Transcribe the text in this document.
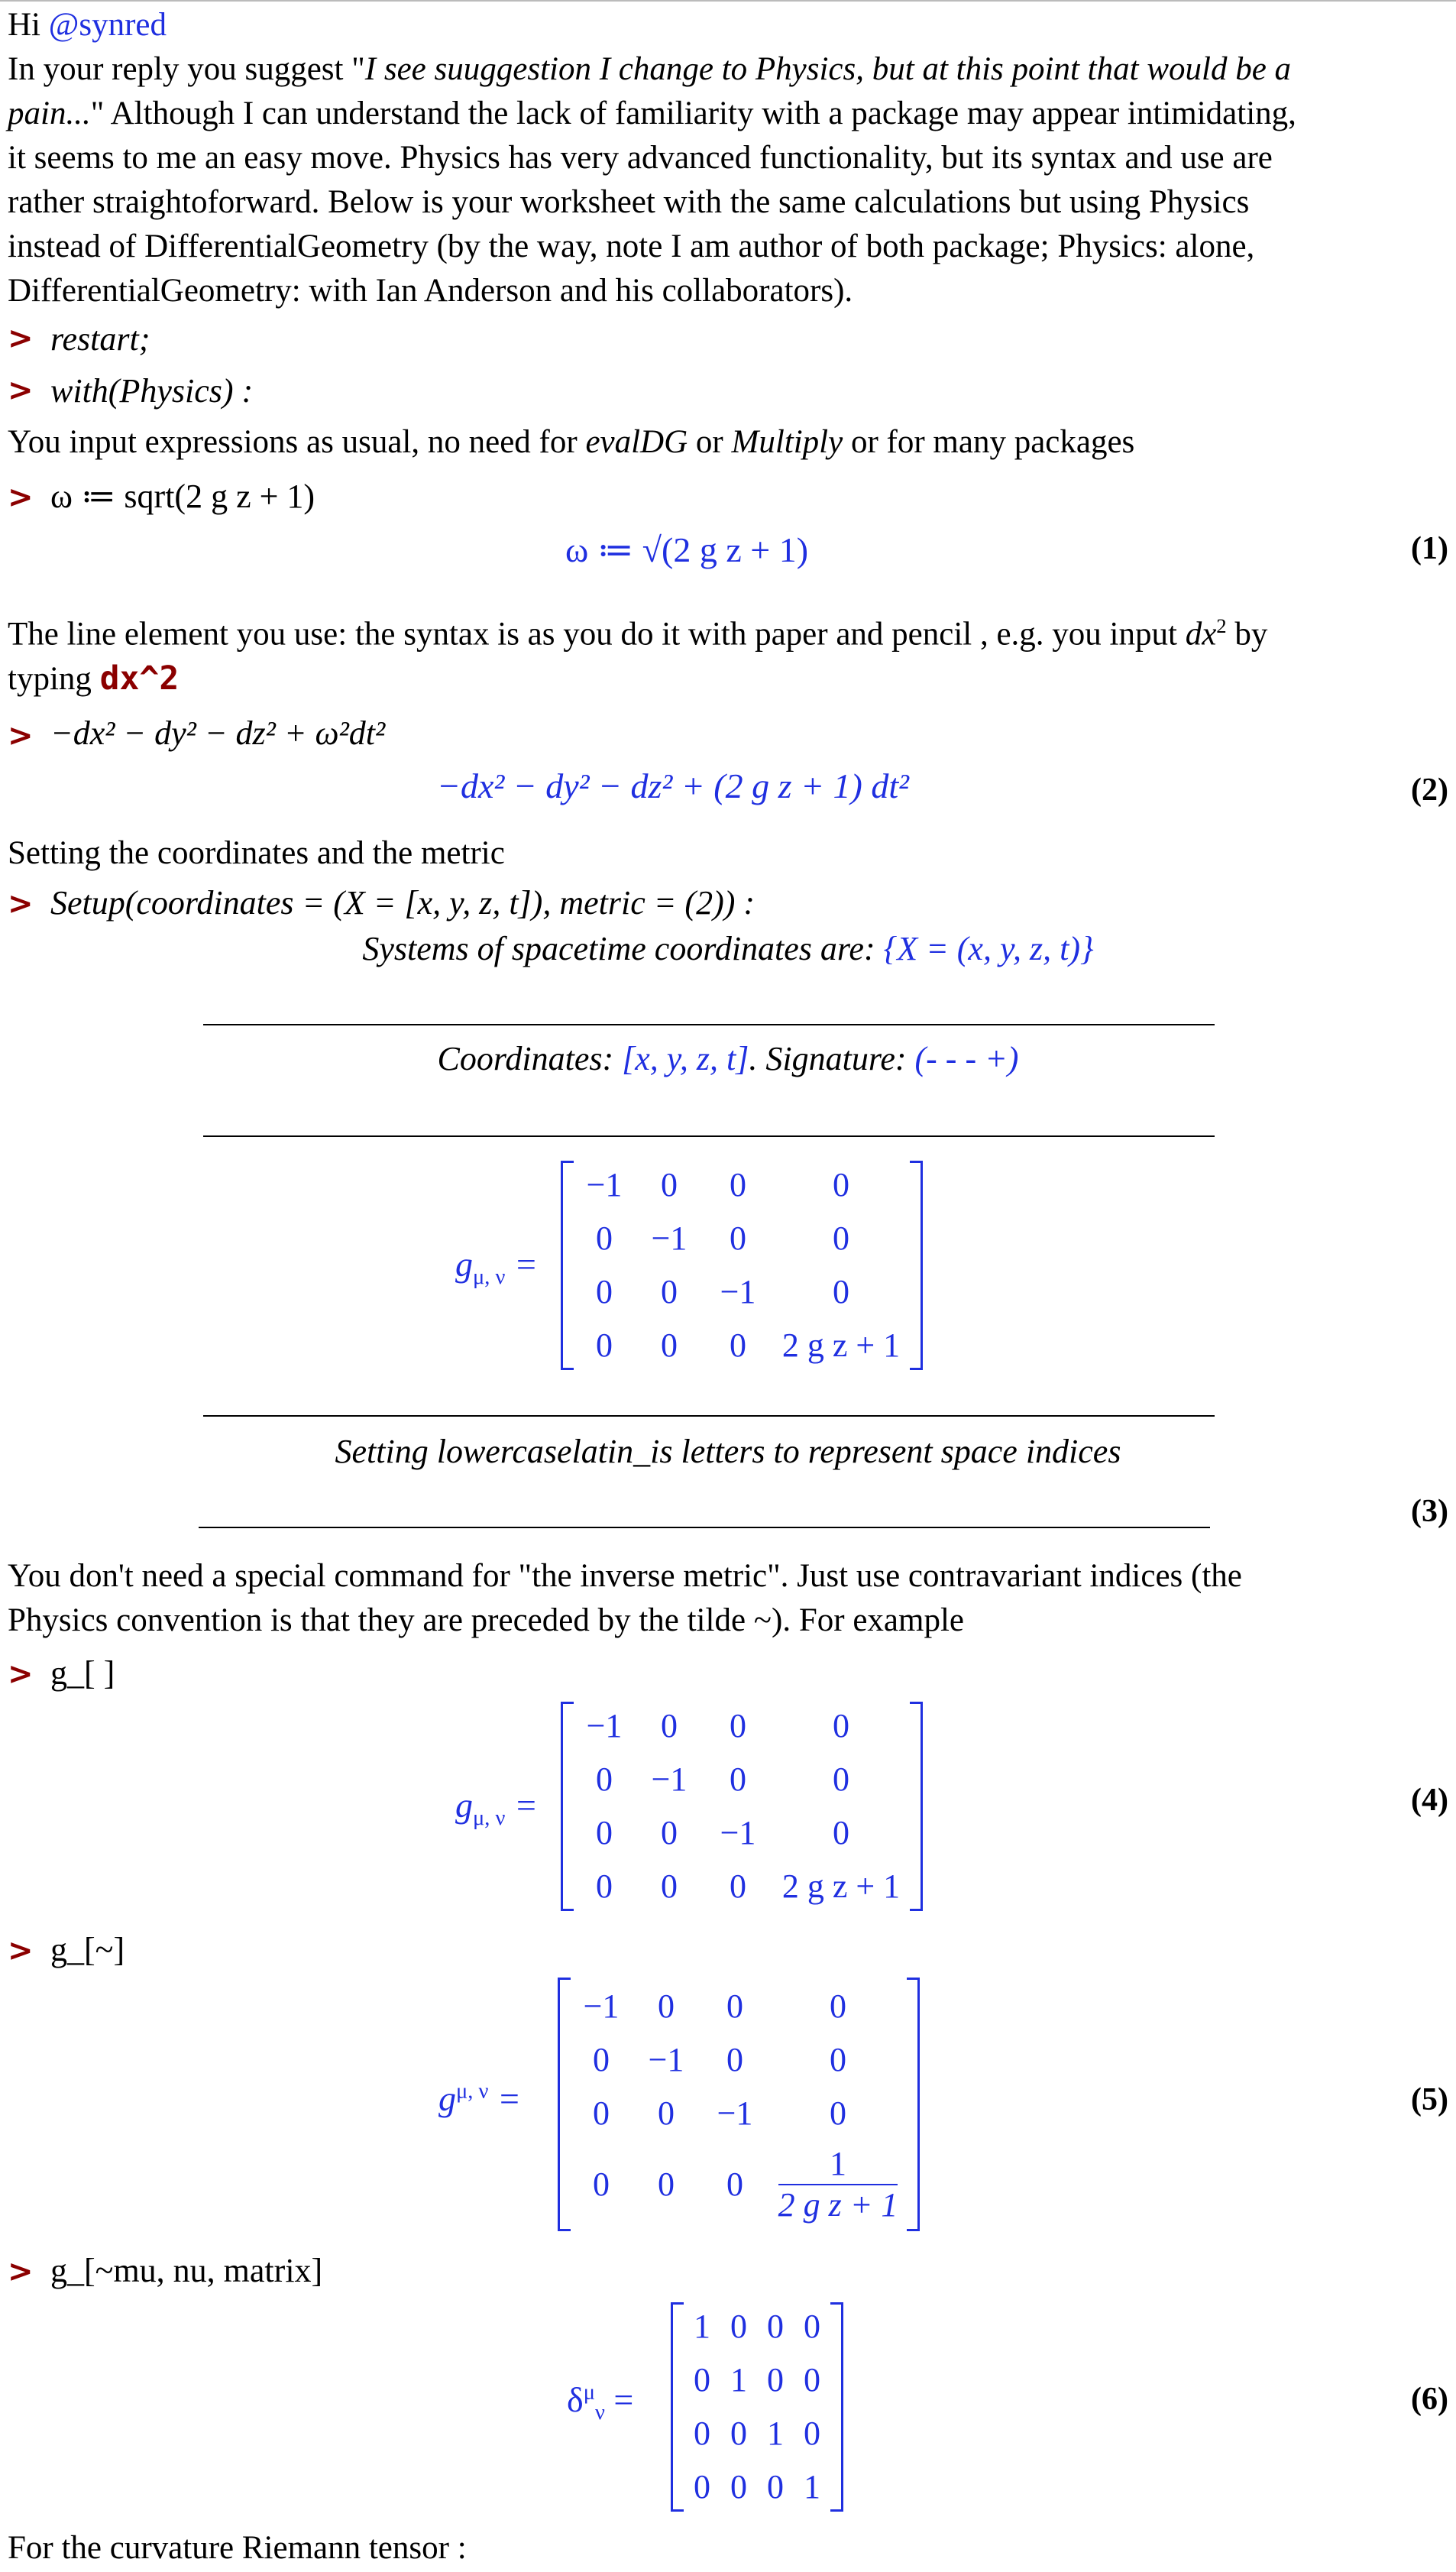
Hi @synred
In your reply you suggest "I see suuggestion I change to Physics, but at this point that would be a
pain..." Although I can understand the lack of familiarity with a package may appear intimidating,
it seems to me an easy move. Physics has very advanced functionality, but its syntax and use are
rather straightoforward. Below is your worksheet with the same calculations but using Physics
instead of DifferentialGeometry (by the way, note I am author of both package; Physics: alone,
DifferentialGeometry: with Ian Anderson and his collaborators).
> restart;
> with(Physics) :
You input expressions as usual, no need for evalDG or Multiply or for many packages
> ω ≔ sqrt(2 g z + 1)
ω ≔ √(2 g z + 1)	(1)
The line element you use: the syntax is as you do it with paper and pencil , e.g. you input $dx^2$ by
typing dx^2
> −dx² − dy² − dz² + ω²dt²
−dx² − dy² − dz² + (2 g z + 1) dt²	(2)
Setting the coordinates and the metric
> Setup(coordinates = (X = [x, y, z, t]), metric = (2)) :
Systems of spacetime coordinates are: {X = (x, y, z, t)}
Coordinates: [x, y, z, t]. Signature: (- - - +)
$g_{\mu, \nu}$ =
−1	0	0	0
0	−1	0	0
0	0	−1	0
0	0	0	2 g z + 1
Setting lowercaselatin_is letters to represent space indices
(3)
You don't need a special command for "the inverse metric". Just use contravariant indices (the
Physics convention is that they are preceded by the tilde ~). For example
> g_[ ]
$g_{\mu, \nu}$ =
−1	0	0	0
0	−1	0	0
0	0	−1	0
0	0	0	2 g z + 1
(4)
> g_[~]
$g^{\mu, \nu}$ =
−1	0	0	0
0	−1	0	0
0	0	−1	0
0	0	0	$\frac{1}{\text{2 g z + 1}}$
(5)
> g_[~mu, nu, matrix]
$\delta^\mu_\nu$ =
1 0 0 0
0 1 0 0
0 0 1 0
0 0 0 1
(6)
For the curvature Riemann tensor :
